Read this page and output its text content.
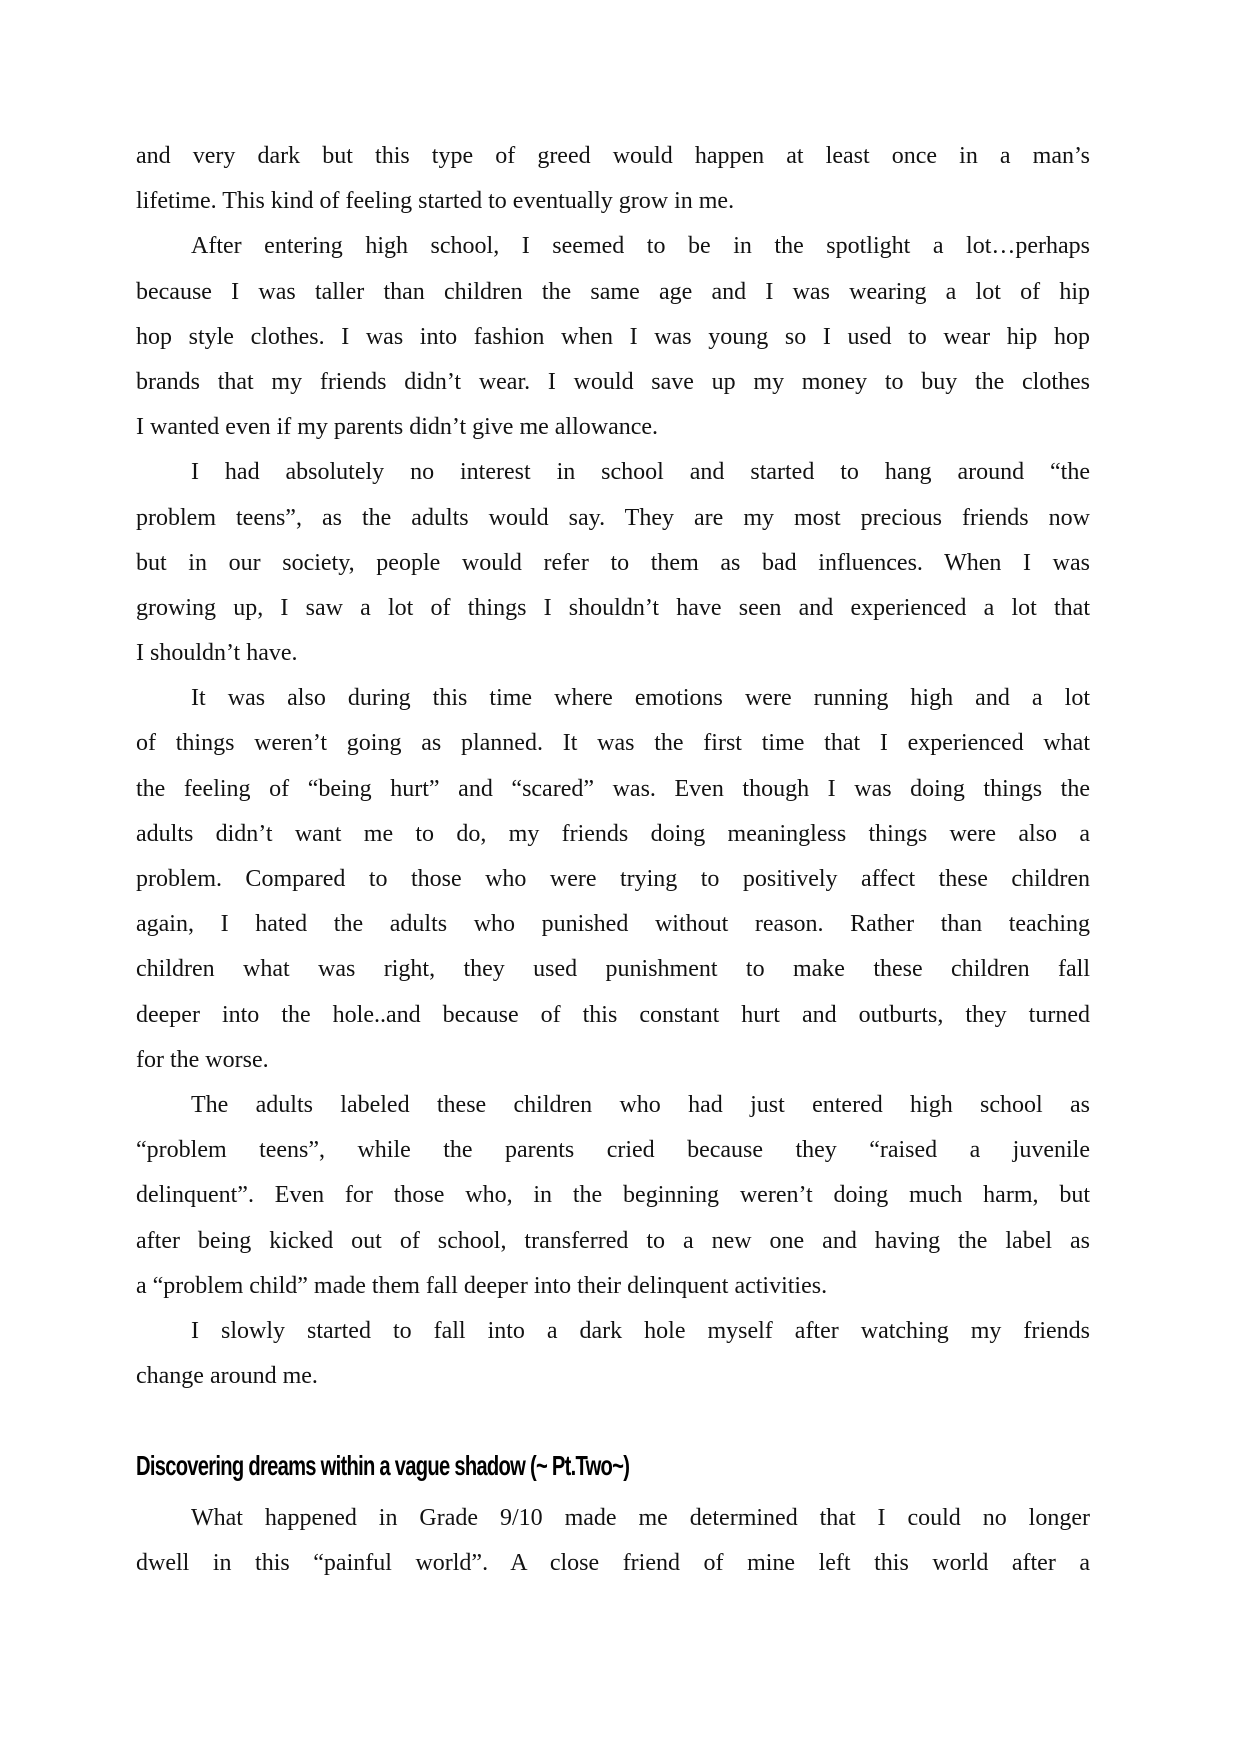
and very dark but this type of greed would happen at least once in a man’s
lifetime. This kind of feeling started to eventually grow in me.
After entering high school, I seemed to be in the spotlight a lot…perhaps
because I was taller than children the same age and I was wearing a lot of hip
hop style clothes. I was into fashion when I was young so I used to wear hip hop
brands that my friends didn’t wear. I would save up my money to buy the clothes
I wanted even if my parents didn’t give me allowance.
I had absolutely no interest in school and started to hang around “the
problem teens”, as the adults would say. They are my most precious friends now
but in our society, people would refer to them as bad influences. When I was
growing up, I saw a lot of things I shouldn’t have seen and experienced a lot that
I shouldn’t have.
It was also during this time where emotions were running high and a lot
of things weren’t going as planned. It was the first time that I experienced what
the feeling of “being hurt” and “scared” was. Even though I was doing things the
adults didn’t want me to do, my friends doing meaningless things were also a
problem. Compared to those who were trying to positively affect these children
again, I hated the adults who punished without reason. Rather than teaching
children what was right, they used punishment to make these children fall
deeper into the hole..and because of this constant hurt and outburts, they turned
for the worse.
The adults labeled these children who had just entered high school as
“problem teens”, while the parents cried because they “raised a juvenile
delinquent”. Even for those who, in the beginning weren’t doing much harm, but
after being kicked out of school, transferred to a new one and having the label as
a “problem child” made them fall deeper into their delinquent activities.
I slowly started to fall into a dark hole myself after watching my friends
change around me.
Discovering dreams within a vague shadow (~ Pt.Two~)
What happened in Grade 9/10 made me determined that I could no longer
dwell in this “painful world”. A close friend of mine left this world after a
